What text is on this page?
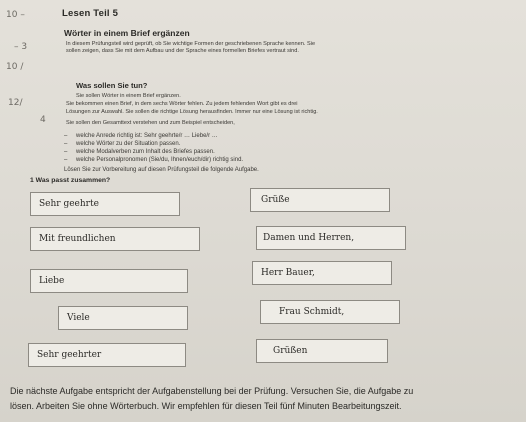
10 –
– 3
10 /
12/
4
Lesen Teil 5
Wörter in einem Brief ergänzen
In diesem Prüfungsteil wird geprüft, ob Sie wichtige Formen der geschriebenen Sprache kennen. Sie
sollen zeigen, dass Sie mit dem Aufbau und der Sprache eines formellen Briefes vertraut sind.
Was sollen Sie tun?
Sie sollen Wörter in einem Brief ergänzen.
Sie bekommen einen Brief, in dem sechs Wörter fehlen. Zu jedem fehlenden Wort gibt es drei
Lösungen zur Auswahl. Sie sollen die richtige Lösung herausfinden. Immer nur eine Lösung ist richtig.
Sie sollen den Gesamttext verstehen und zum Beispiel entscheiden,
– welche Anrede richtig ist: Sehr geehrte/r … Liebe/r …
– welche Wörter zu der Situation passen.
– welche Modalverben zum Inhalt des Briefes passen.
– welche Personalpronomen (Sie/du, Ihnen/euch/dir) richtig sind.
Lösen Sie zur Vorbereitung auf diesen Prüfungsteil die folgende Aufgabe.
1 Was passt zusammen?
Sehr geehrte
Mit freundlichen
Liebe
Viele
Sehr geehrter
Grüße
Damen und Herren,
Herr Bauer,
Frau Schmidt,
Grüßen
Die nächste Aufgabe entspricht der Aufgabenstellung bei der Prüfung. Versuchen Sie, die Aufgabe zu
lösen. Arbeiten Sie ohne Wörterbuch. Wir empfehlen für diesen Teil fünf Minuten Bearbeitungszeit.
